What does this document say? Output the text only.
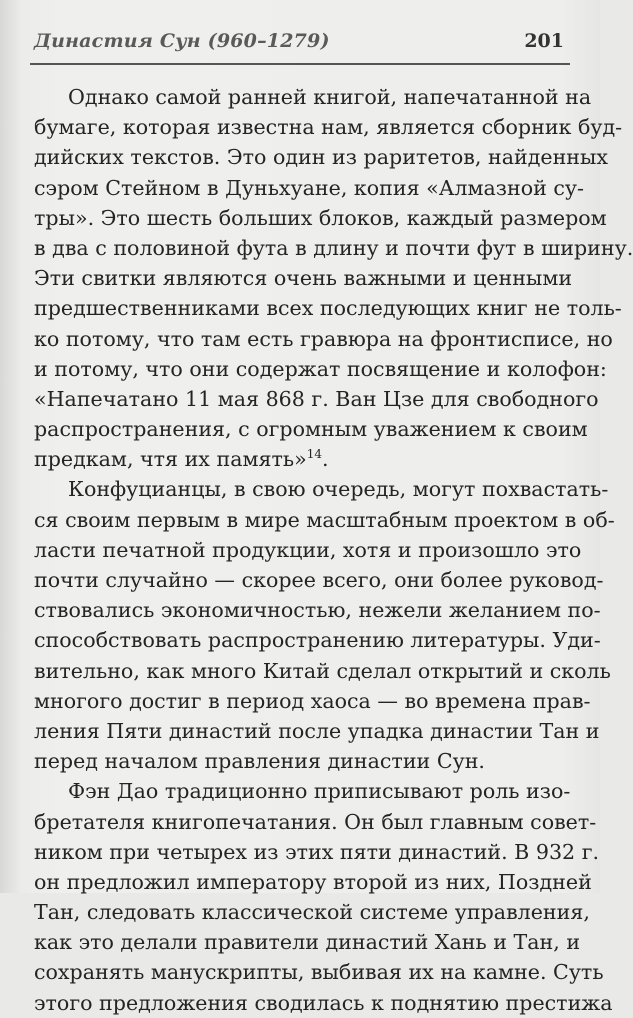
Династия Сун (960–1279)	201
Однако самой ранней книгой, напечатанной на
бумаге, которая известна нам, является сборник буд-
дийских текстов. Это один из раритетов, найденных
сэром Стейном в Дуньхуане, копия «Алмазной су-
тры». Это шесть больших блоков, каждый размером
в два с половиной фута в длину и почти фут в ширину.
Эти свитки являются очень важными и ценными
предшественниками всех последующих книг не толь-
ко потому, что там есть гравюра на фронтисписе, но
и потому, что они содержат посвящение и колофон:
«Напечатано 11 мая 868 г. Ван Цзе для свободного
распространения, с огромным уважением к своим
предкам, чтя их память»$^{14}$.
Конфуцианцы, в свою очередь, могут похвастать-
ся своим первым в мире масштабным проектом в об-
ласти печатной продукции, хотя и произошло это
почти случайно — скорее всего, они более руковод-
ствовались экономичностью, нежели желанием по-
способствовать распространению литературы. Уди-
вительно, как много Китай сделал открытий и сколь
многого достиг в период хаоса — во времена прав-
ления Пяти династий после упадка династии Тан и
перед началом правления династии Сун.
Фэн Дао традиционно приписывают роль изо-
бретателя книгопечатания. Он был главным совет-
ником при четырех из этих пяти династий. В 932 г.
он предложил императору второй из них, Поздней
Тан, следовать классической системе управления,
как это делали правители династий Хань и Тан, и
сохранять манускрипты, выбивая их на камне. Суть
этого предложения сводилась к поднятию престижа
